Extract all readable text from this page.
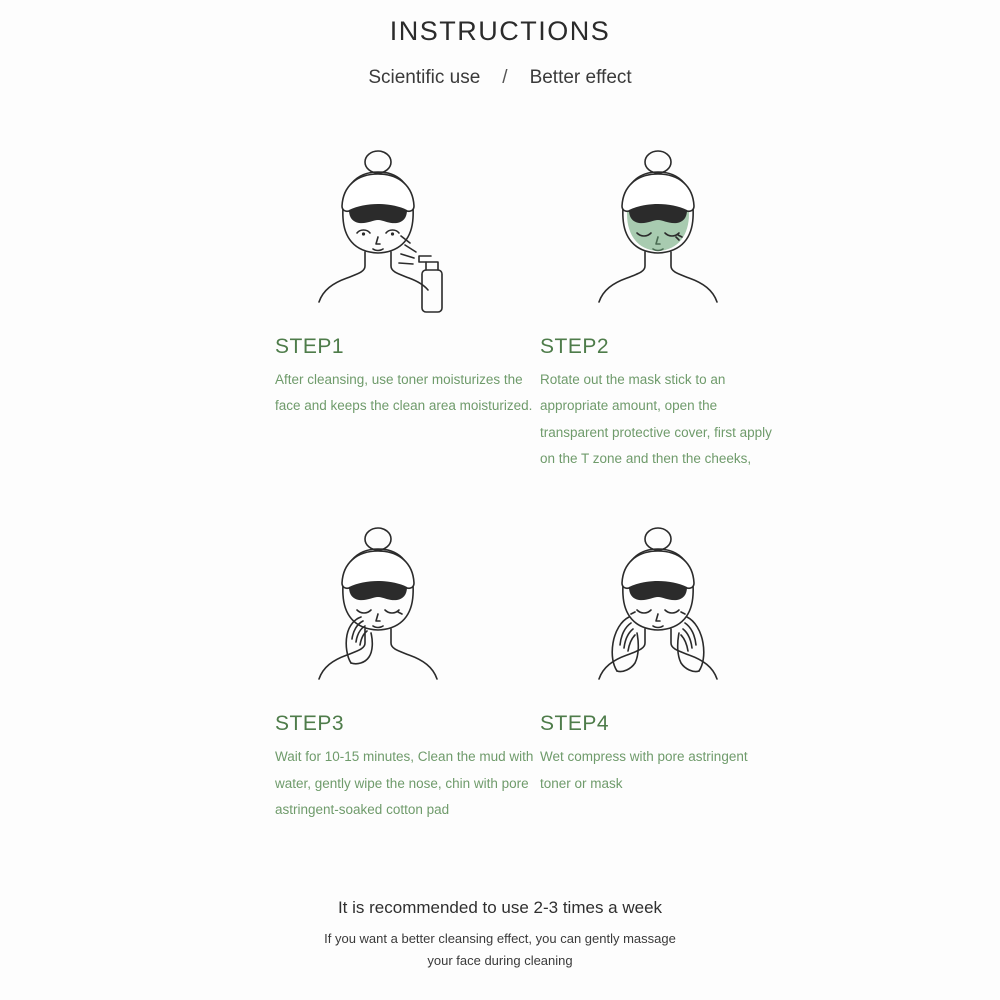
INSTRUCTIONS
Scientific use / Better effect
STEP1
After cleansing, use toner moisturizes the face and keeps the clean area moisturized.
STEP2
Rotate out the mask stick to an appropriate amount, open the transparent protective cover, first apply on the T zone and then the cheeks,
STEP3
Wait for 10-15 minutes, Clean the mud with water, gently wipe the nose, chin with pore astringent-soaked cotton pad
STEP4
Wet compress with pore astringent toner or mask
It is recommended to use 2-3 times a week
If you want a better cleansing effect, you can gently massage
your face during cleaning
